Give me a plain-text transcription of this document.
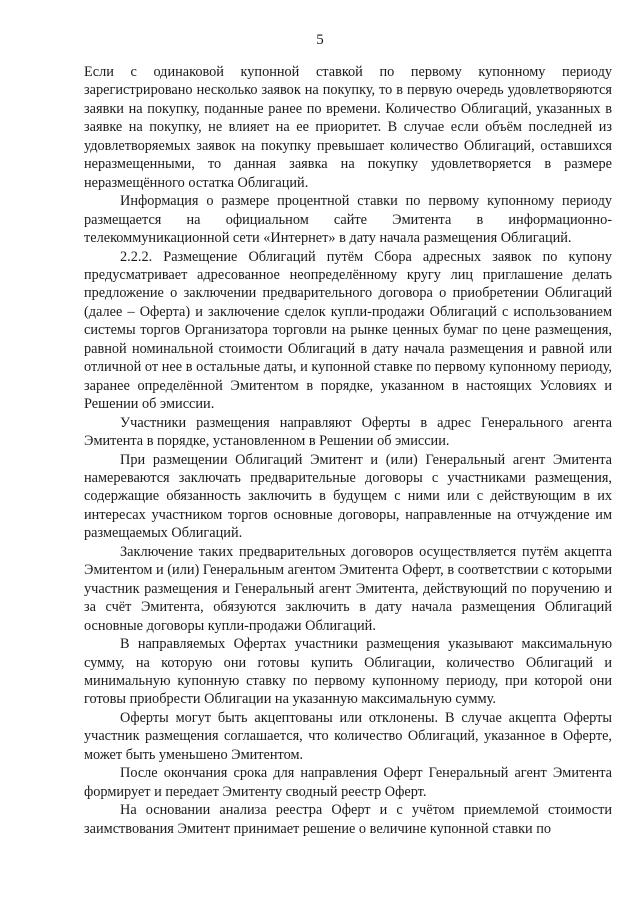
5

Если с одинаковой купонной ставкой по первому купонному периоду зарегистрировано несколько заявок на покупку, то в первую очередь удовлетворяются заявки на покупку, поданные ранее по времени. Количество Облигаций, указанных в заявке на покупку, не влияет на ее приоритет. В случае если объём последней из удовлетворяемых заявок на покупку превышает количество Облигаций, оставшихся неразмещенными, то данная заявка на покупку удовлетворяется в размере неразмещённого остатка Облигаций.

Информация о размере процентной ставки по первому купонному периоду размещается на официальном сайте Эмитента в информационно-телекоммуникационной сети «Интернет» в дату начала размещения Облигаций.

2.2.2. Размещение Облигаций путём Сбора адресных заявок по купону предусматривает адресованное неопределённому кругу лиц приглашение делать предложение о заключении предварительного договора о приобретении Облигаций (далее – Оферта) и заключение сделок купли-продажи Облигаций с использованием системы торгов Организатора торговли на рынке ценных бумаг по цене размещения, равной номинальной стоимости Облигаций в дату начала размещения и равной или отличной от нее в остальные даты, и купонной ставке по первому купонному периоду, заранее определённой Эмитентом в порядке, указанном в настоящих Условиях и Решении об эмиссии.

Участники размещения направляют Оферты в адрес Генерального агента Эмитента в порядке, установленном в Решении об эмиссии.

При размещении Облигаций Эмитент и (или) Генеральный агент Эмитента намереваются заключать предварительные договоры с участниками размещения, содержащие обязанность заключить в будущем с ними или с действующим в их интересах участником торгов основные договоры, направленные на отчуждение им размещаемых Облигаций.

Заключение таких предварительных договоров осуществляется путём акцепта Эмитентом и (или) Генеральным агентом Эмитента Оферт, в соответствии с которыми участник размещения и Генеральный агент Эмитента, действующий по поручению и за счёт Эмитента, обязуются заключить в дату начала размещения Облигаций основные договоры купли-продажи Облигаций.

В направляемых Офертах участники размещения указывают максимальную сумму, на которую они готовы купить Облигации, количество Облигаций и минимальную купонную ставку по первому купонному периоду, при которой они готовы приобрести Облигации на указанную максимальную сумму.

Оферты могут быть акцептованы или отклонены. В случае акцепта Оферты участник размещения соглашается, что количество Облигаций, указанное в Оферте, может быть уменьшено Эмитентом.

После окончания срока для направления Оферт Генеральный агент Эмитента формирует и передает Эмитенту сводный реестр Оферт.

На основании анализа реестра Оферт и с учётом приемлемой стоимости заимствования Эмитент принимает решение о величине купонной ставки по
